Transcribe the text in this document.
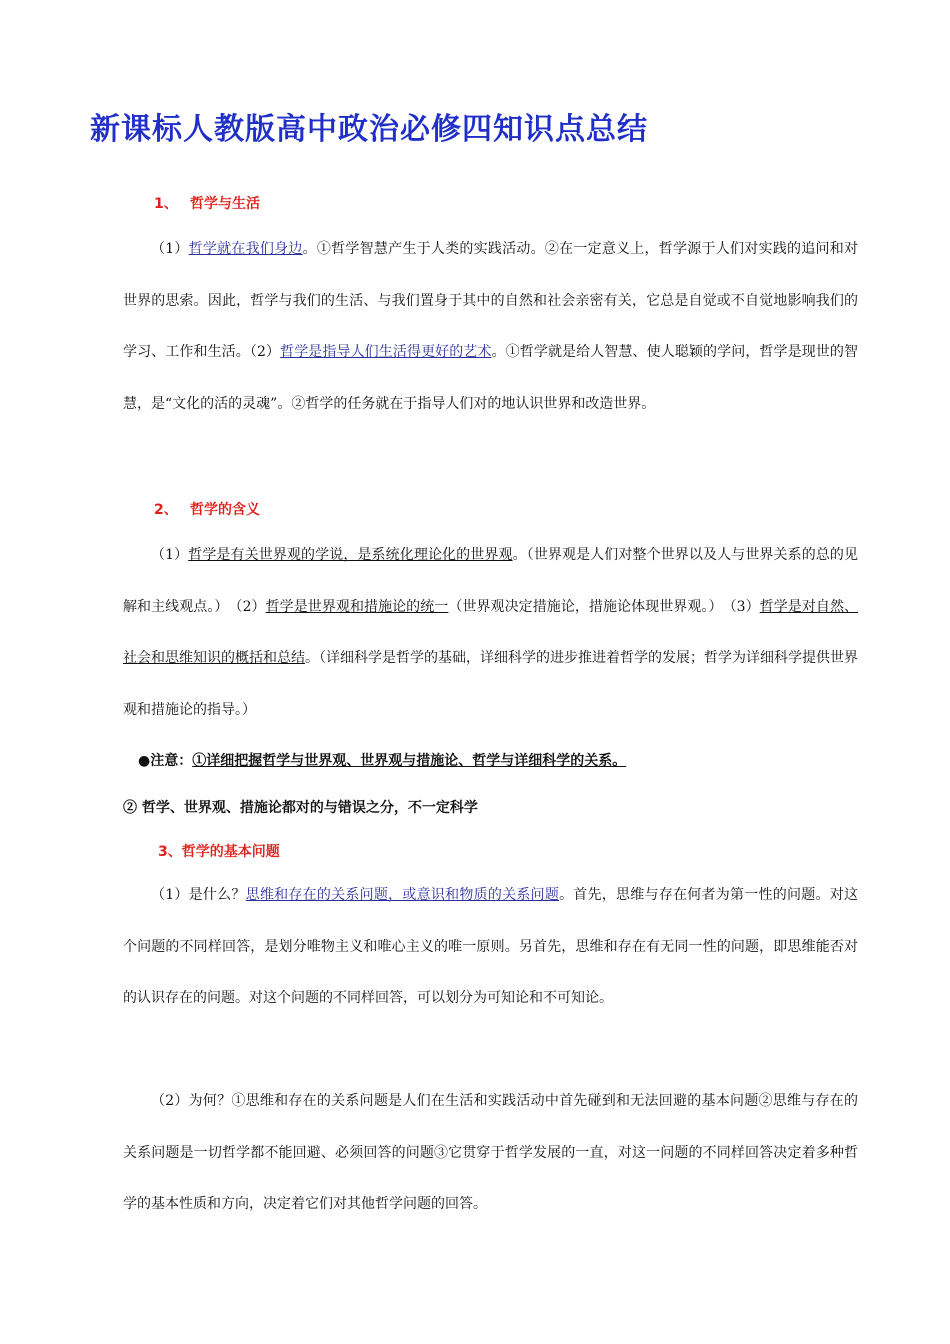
新课标人教版高中政治必修四知识点总结
1、 哲学与生活

（1）哲学就在我们身边。①哲学智慧产生于人类的实践活动。②在一定意义上，哲学源于人们对实践的追问和对世界的思索。因此，哲学与我们的生活、与我们置身于其中的自然和社会亲密有关，它总是自觉或不自觉地影响我们的学习、工作和生活。（2）哲学是指导人们生活得更好的艺术。①哲学就是给人智慧、使人聪颖的学问，哲学是现世的智慧，是“文化的活的灵魂”。②哲学的任务就在于指导人们对的地认识世界和改造世界。

2、 哲学的含义

（1）哲学是有关世界观的学说，是系统化理论化的世界观。（世界观是人们对整个世界以及人与世界关系的总的见解和主线观点。）　（2）哲学是世界观和措施论的统一（世界观决定措施论，措施论体现世界观。）　（3）哲学是对自然、社会和思维知识的概括和总结。（详细科学是哲学的基础，详细科学的进步推进着哲学的发展；哲学为详细科学提供世界观和措施论的指导。）

●注意：①详细把握哲学与世界观、世界观与措施论、哲学与详细科学的关系。

② 哲学、世界观、措施论都对的与错误之分，不一定科学

3、哲学的基本问题

（1）是什么？思维和存在的关系问题，或意识和物质的关系问题。首先，思维与存在何者为第一性的问题。对这个问题的不同样回答，是划分唯物主义和唯心主义的唯一原则。另首先，思维和存在有无同一性的问题，即思维能否对的认识存在的问题。对这个问题的不同样回答，可以划分为可知论和不可知论。

（2）为何？①思维和存在的关系问题是人们在生活和实践活动中首先碰到和无法回避的基本问题②思维与存在的关系问题是一切哲学都不能回避、必须回答的问题③它贯穿于哲学发展的一直，对这一问题的不同样回答决定着多种哲学的基本性质和方向，决定着它们对其他哲学问题的回答。
